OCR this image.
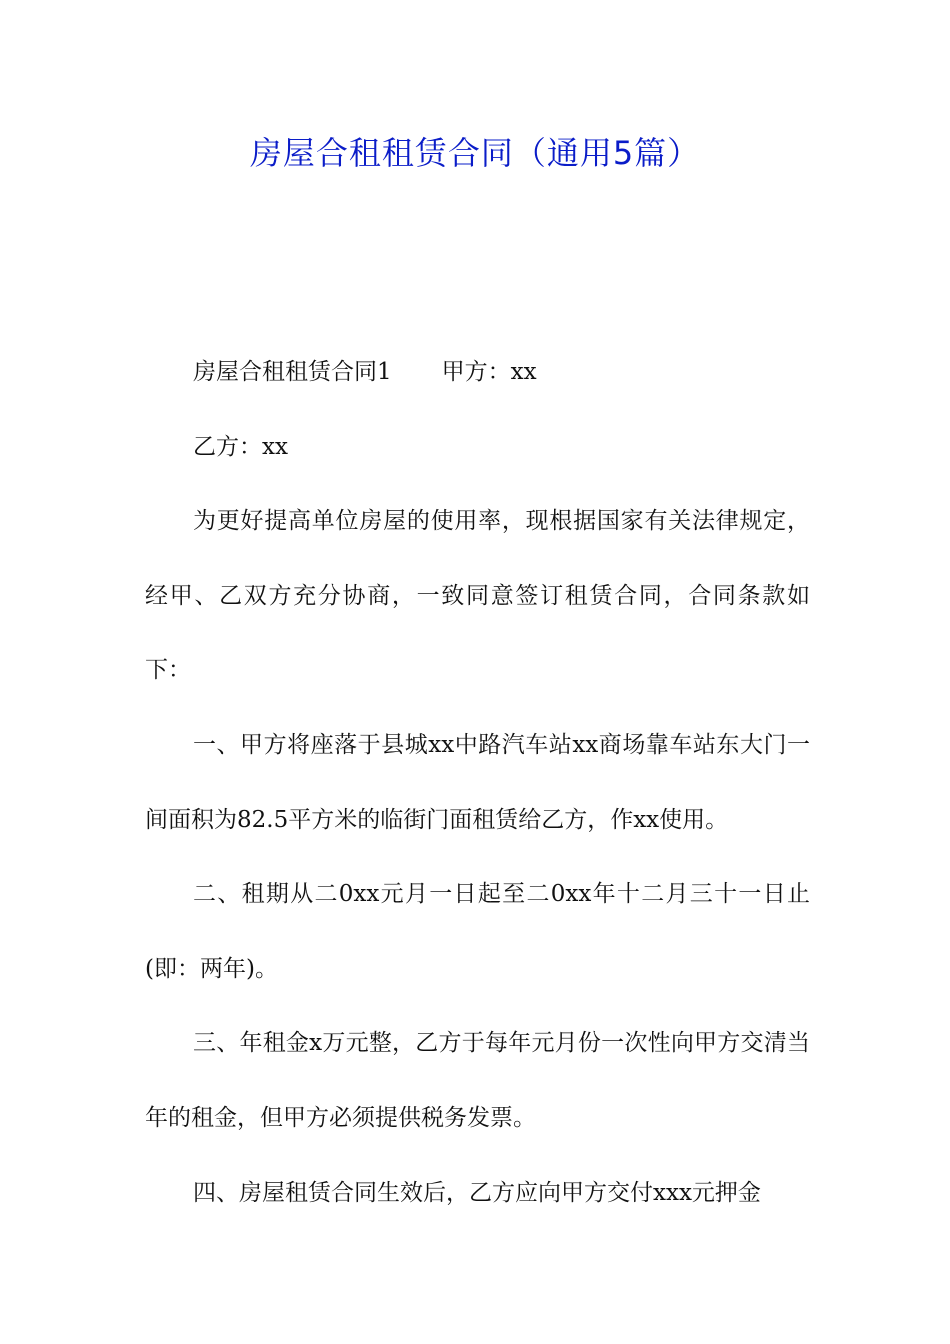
房屋合租租赁合同（通用5篇）

房屋合租租赁合同1 甲方：xx

乙方：xx

为更好提高单位房屋的使用率，现根据国家有关法律规定，经甲、乙双方充分协商，一致同意签订租赁合同，合同条款如下：

一、甲方将座落于县城xx中路汽车站xx商场靠车站东大门一间面积为82.5平方米的临街门面租赁给乙方，作xx使用。

二、租期从二0xx元月一日起至二0xx年十二月三十一日止(即：两年)。

三、年租金x万元整，乙方于每年元月份一次性向甲方交清当年的租金，但甲方必须提供税务发票。

四、房屋租赁合同生效后，乙方应向甲方交付xxx元押金
